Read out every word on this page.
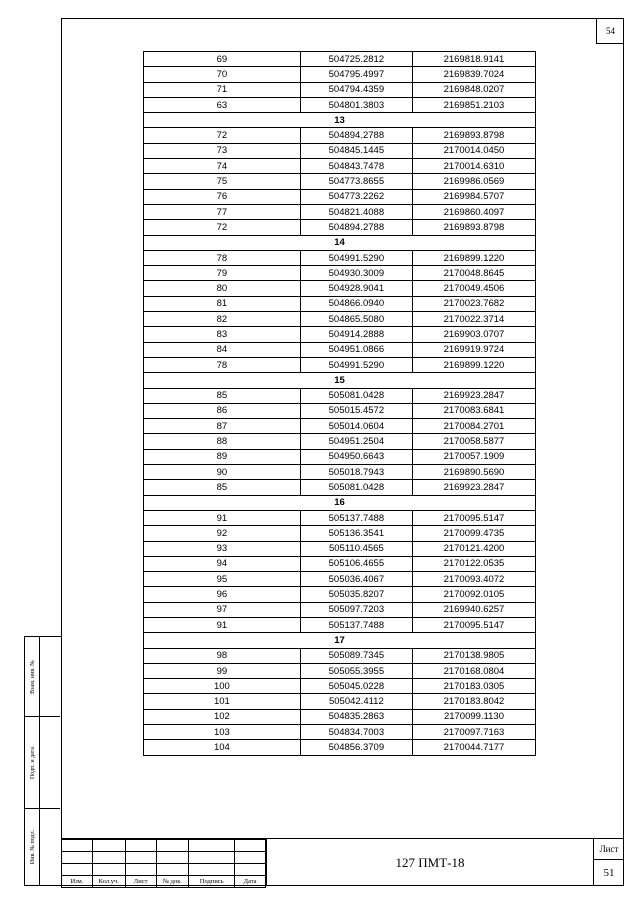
54
Взам. инв. №
Подп. и дата
Инв. № подл.
69	504725.2812	2169818.9141
70	504795.4997	2169839.7024
71	504794.4359	2169848.0207
63	504801.3803	2169851.2103
13		
72	504894.2788	2169893.8798
73	504845.1445	2170014.0450
74	504843.7478	2170014.6310
75	504773.8655	2169986.0569
76	504773.2262	2169984.5707
77	504821.4088	2169860.4097
72	504894.2788	2169893.8798
14		
78	504991.5290	2169899.1220
79	504930.3009	2170048.8645
80	504928.9041	2170049.4506
81	504866.0940	2170023.7682
82	504865.5080	2170022.3714
83	504914.2888	2169903.0707
84	504951.0866	2169919.9724
78	504991.5290	2169899.1220
15		
85	505081.0428	2169923.2847
86	505015.4572	2170083.6841
87	505014.0604	2170084.2701
88	504951.2504	2170058.5877
89	504950.6643	2170057.1909
90	505018.7943	2169890.5690
85	505081.0428	2169923.2847
16		
91	505137.7488	2170095.5147
92	505136.3541	2170099.4735
93	505110.4565	2170121.4200
94	505106.4655	2170122.0535
95	505036.4067	2170093.4072
96	505035.8207	2170092.0105
97	505097.7203	2169940.6257
91	505137.7488	2170095.5147
17		
98	505089.7345	2170138.9805
99	505055.3955	2170168.0804
100	505045.0228	2170183.0305
101	505042.4112	2170183.8042
102	504835.2863	2170099.1130
103	504834.7003	2170097.7163
104	504856.3709	2170044.7177

Изм.	Кол.уч.	Лист	№ док.	Подпись	Дата
127 ПМТ-18
Лист
51
